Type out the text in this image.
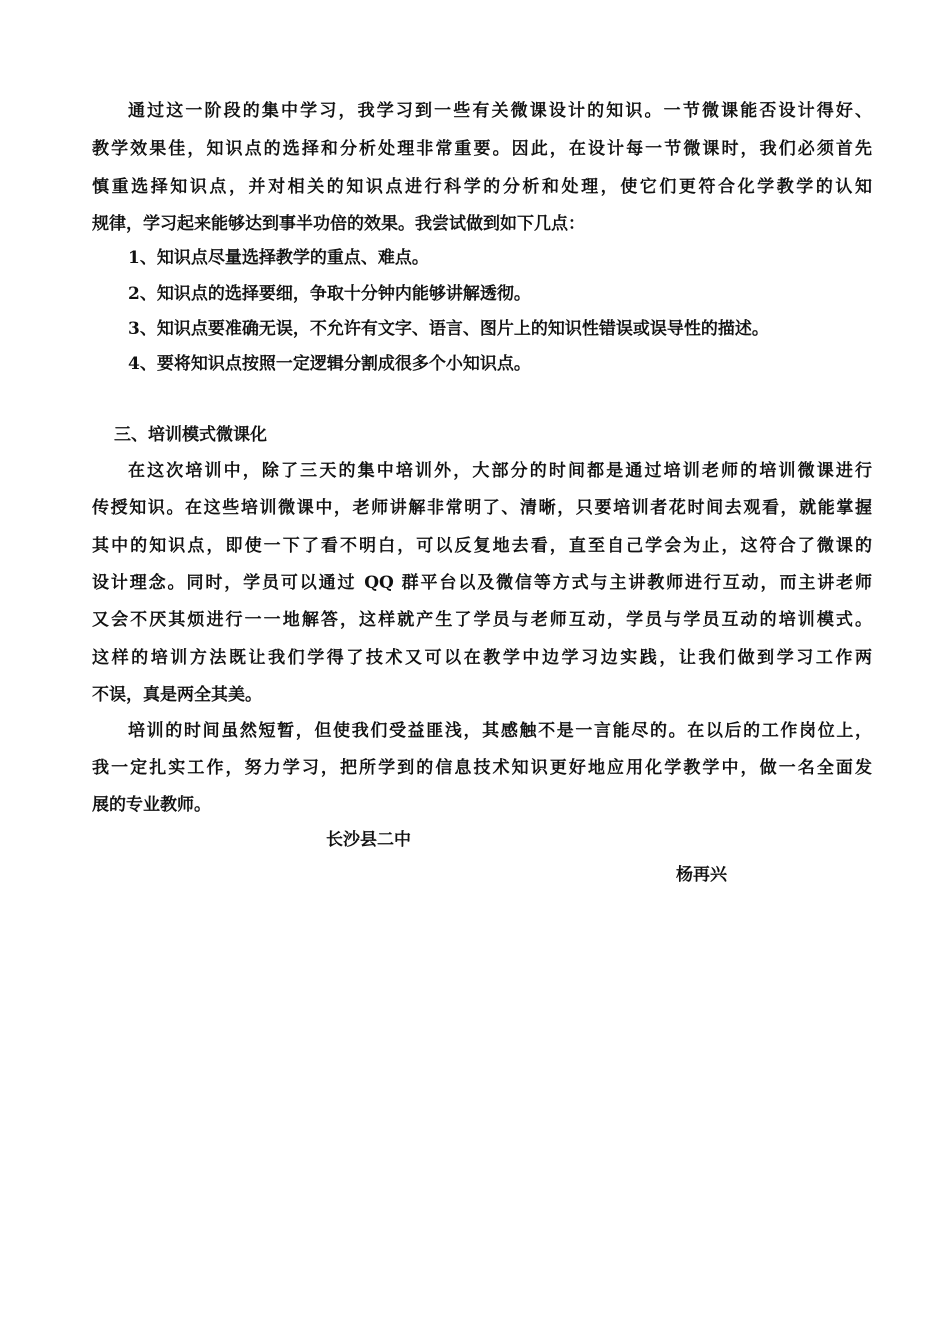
通过这一阶段的集中学习，我学习到一些有关微课设计的知识。一节微课能否设计得好、
教学效果佳，知识点的选择和分析处理非常重要。因此，在设计每一节微课时，我们必须首先
慎重选择知识点，并对相关的知识点进行科学的分析和处理，使它们更符合化学教学的认知
规律，学习起来能够达到事半功倍的效果。我尝试做到如下几点：
1、知识点尽量选择教学的重点、难点。
2、知识点的选择要细，争取十分钟内能够讲解透彻。
3、知识点要准确无误，不允许有文字、语言、图片上的知识性错误或误导性的描述。
4、要将知识点按照一定逻辑分割成很多个小知识点。
三、培训模式微课化
在这次培训中，除了三天的集中培训外，大部分的时间都是通过培训老师的培训微课进行
传授知识。在这些培训微课中，老师讲解非常明了、清晰，只要培训者花时间去观看，就能掌握
其中的知识点，即使一下了看不明白，可以反复地去看，直至自己学会为止，这符合了微课的
设计理念。同时，学员可以通过 QQ 群平台以及微信等方式与主讲教师进行互动，而主讲老师
又会不厌其烦进行一一地解答，这样就产生了学员与老师互动，学员与学员互动的培训模式。
这样的培训方法既让我们学得了技术又可以在教学中边学习边实践，让我们做到学习工作两
不误，真是两全其美。
培训的时间虽然短暂，但使我们受益匪浅，其感触不是一言能尽的。在以后的工作岗位上，
我一定扎实工作，努力学习，把所学到的信息技术知识更好地应用化学教学中，做一名全面发
展的专业教师。
长沙县二中
杨再兴
